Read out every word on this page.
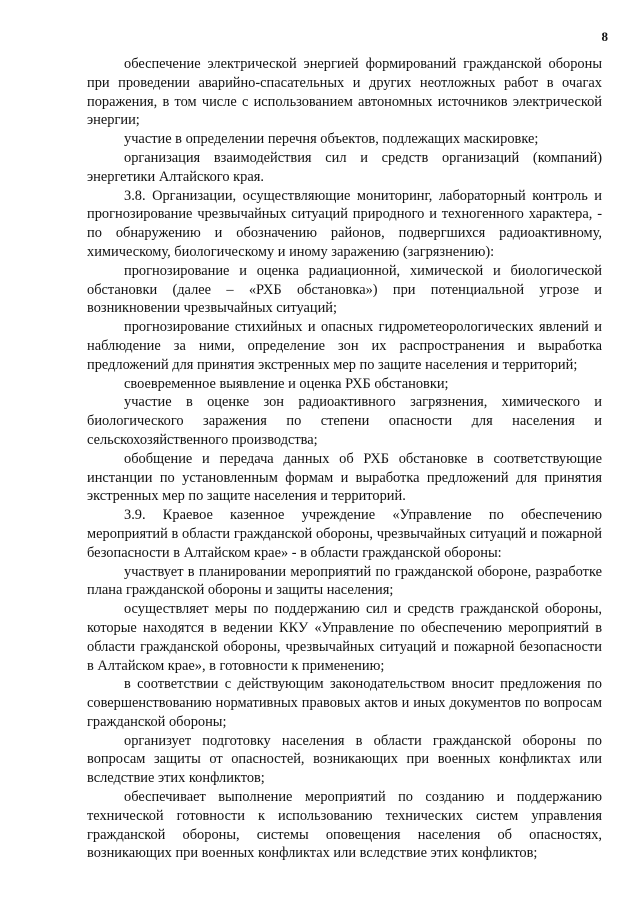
8

обеспечение электрической энергией формирований гражданской обороны при проведении аварийно-спасательных и других неотложных работ в очагах поражения, в том числе с использованием автономных источников электрической энергии;

участие в определении перечня объектов, подлежащих маскировке;

организация взаимодействия сил и средств организаций (компаний) энергетики Алтайского края.

3.8. Организации, осуществляющие мониторинг, лабораторный контроль и прогнозирование чрезвычайных ситуаций природного и техногенного характера, - по обнаружению и обозначению районов, подвергшихся радиоактивному, химическому, биологическому и иному заражению (загрязнению):

прогнозирование и оценка радиационной, химической и биологической обстановки (далее – «РХБ обстановка») при потенциальной угрозе и возникновении чрезвычайных ситуаций;

прогнозирование стихийных и опасных гидрометеорологических явлений и наблюдение за ними, определение зон их распространения и выработка предложений для принятия экстренных мер по защите населения и территорий;

своевременное выявление и оценка РХБ обстановки;

участие в оценке зон радиоактивного загрязнения, химического и биологического заражения по степени опасности для населения и сельскохозяйственного производства;

обобщение и передача данных об РХБ обстановке в соответствующие инстанции по установленным формам и выработка предложений для принятия экстренных мер по защите населения и территорий.

3.9. Краевое казенное учреждение «Управление по обеспечению мероприятий в области гражданской обороны, чрезвычайных ситуаций и пожарной безопасности в Алтайском крае» - в области гражданской обороны:

участвует в планировании мероприятий по гражданской обороне, разработке плана гражданской обороны и защиты населения;

осуществляет меры по поддержанию сил и средств гражданской обороны, которые находятся в ведении ККУ «Управление по обеспечению мероприятий в области гражданской обороны, чрезвычайных ситуаций и пожарной безопасности в Алтайском крае», в готовности к применению;

в соответствии с действующим законодательством вносит предложения по совершенствованию нормативных правовых актов и иных документов по вопросам гражданской обороны;

организует подготовку населения в области гражданской обороны по вопросам защиты от опасностей, возникающих при военных конфликтах или вследствие этих конфликтов;

обеспечивает выполнение мероприятий по созданию и поддержанию технической готовности к использованию технических систем управления гражданской обороны, системы оповещения населения об опасностях, возникающих при военных конфликтах или вследствие этих конфликтов;
